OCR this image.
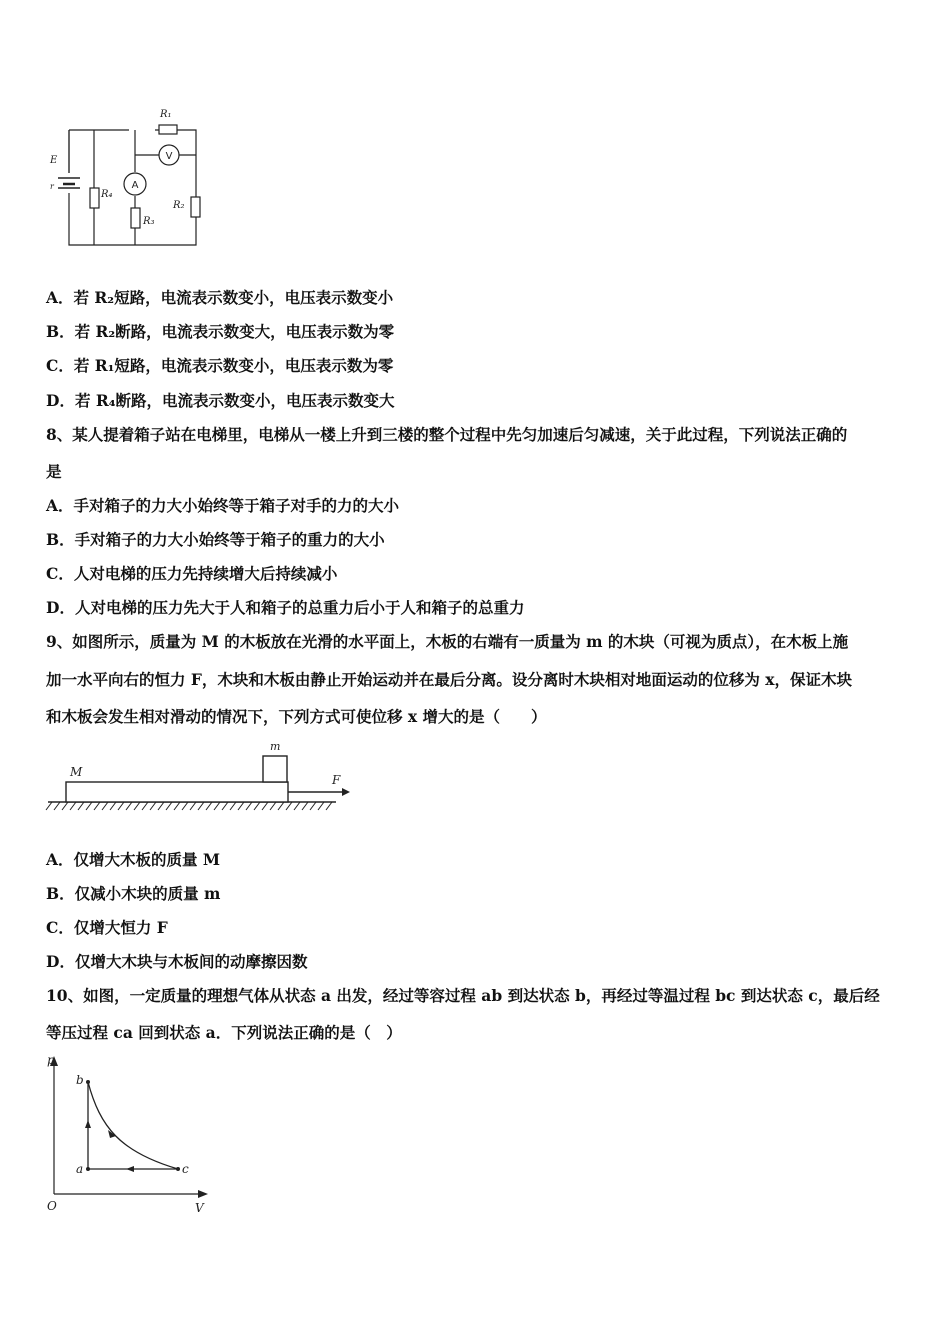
R₁
R₂
R₃
R₄
E
r	A
V
A．若 R₂短路，电流表示数变小，电压表示数变小
B．若 R₂断路，电流表示数变大，电压表示数为零
C．若 R₁短路，电流表示数变小，电压表示数为零
D．若 R₄断路，电流表示数变小，电压表示数变大
8、某人提着箱子站在电梯里，电梯从一楼上升到三楼的整个过程中先匀加速后匀减速，关于此过程，下列说法正确的
是
A．手对箱子的力大小始终等于箱子对手的力的大小
B．手对箱子的力大小始终等于箱子的重力的大小
C．人对电梯的压力先持续增大后持续减小
D．人对电梯的压力先大于人和箱子的总重力后小于人和箱子的总重力
9、如图所示，质量为 M 的木板放在光滑的水平面上，木板的右端有一质量为 m 的木块（可视为质点），在木板上施
加一水平向右的恒力 F，木块和木板由静止开始运动并在最后分离。设分离时木块相对地面运动的位移为 x，保证木块
和木板会发生相对滑动的情况下，下列方式可使位移 x 增大的是（　　）
M
m
F
A．仅增大木板的质量 M
B．仅减小木块的质量 m
C．仅增大恒力 F
D．仅增大木块与木板间的动摩擦因数
10、如图，一定质量的理想气体从状态 a 出发，经过等容过程 ab 到达状态 b，再经过等温过程 bc 到达状态 c，最后经
等压过程 ca 回到状态 a．下列说法正确的是（　）
p
V
O
a
b
c
